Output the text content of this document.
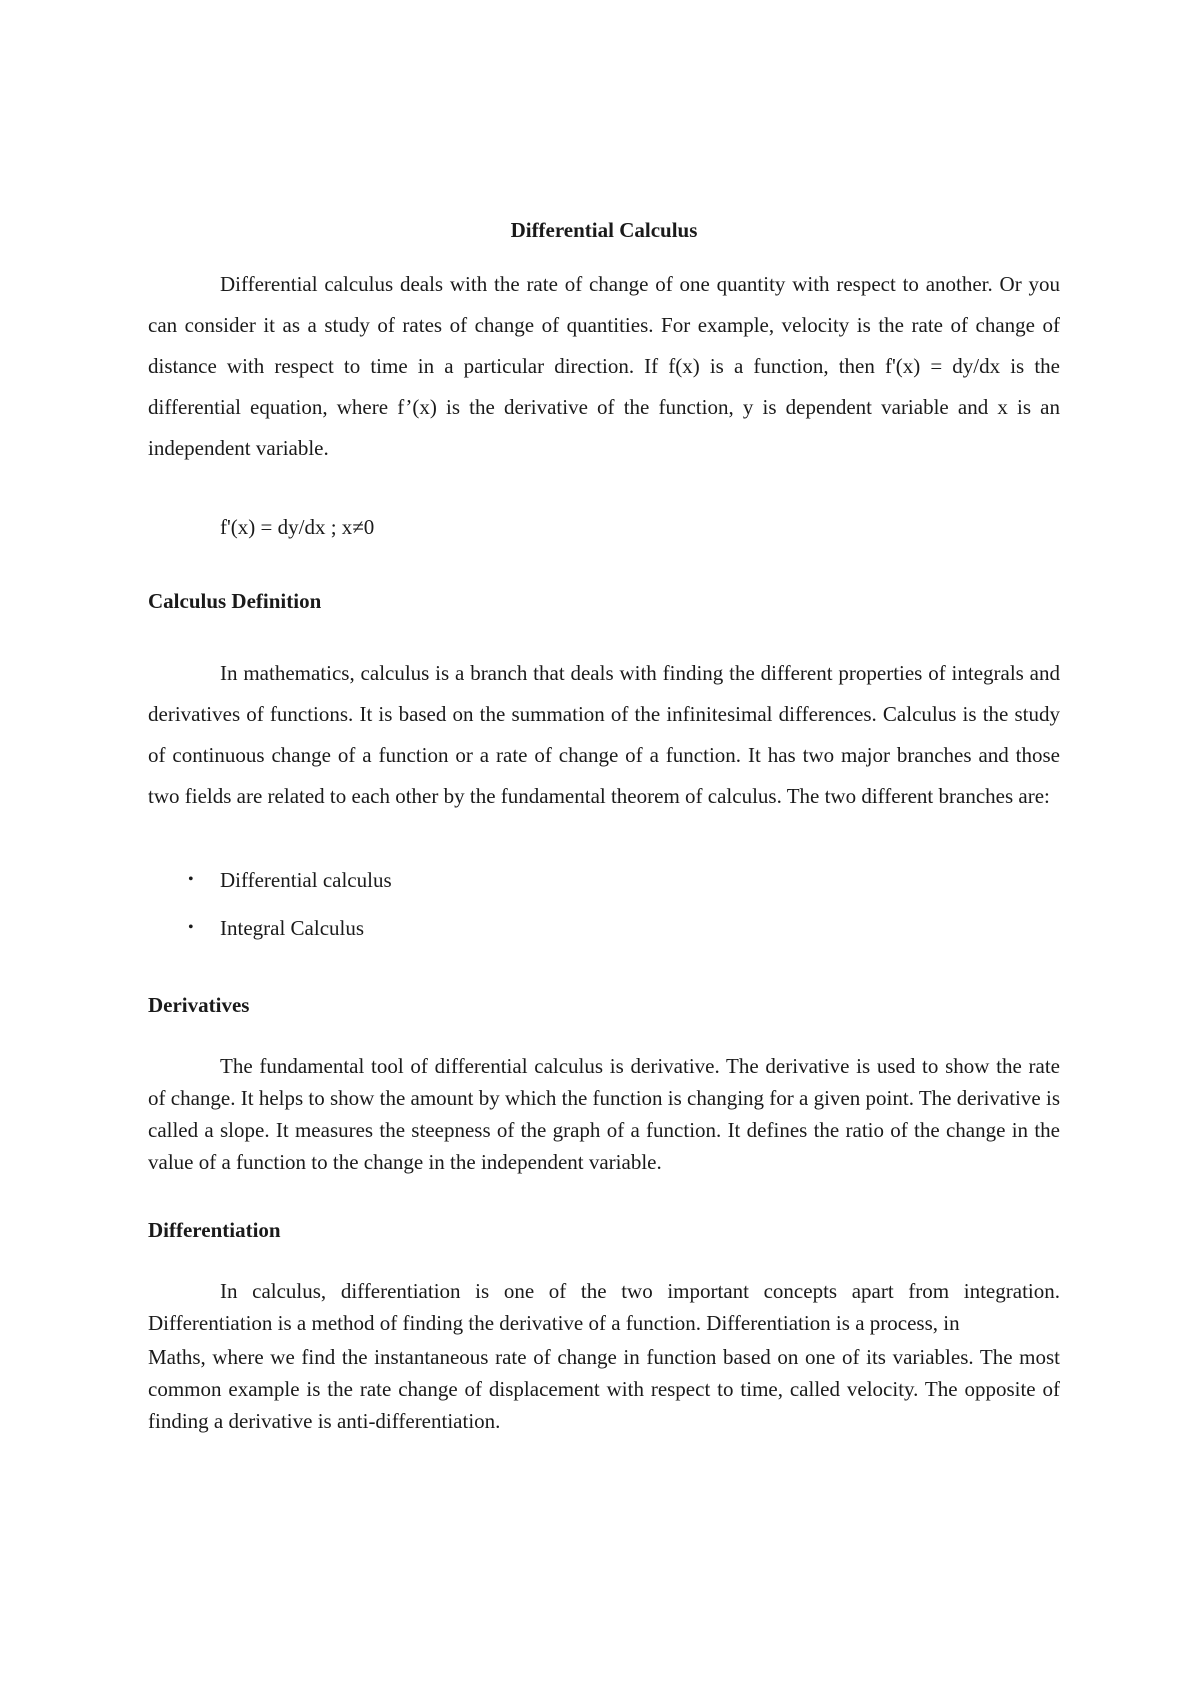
Differential Calculus

Differential calculus deals with the rate of change of one quantity with respect to another. Or you can consider it as a study of rates of change of quantities. For example, velocity is the rate of change of distance with respect to time in a particular direction. If f(x) is a function, then f'(x) = dy/dx is the differential equation, where f’(x) is the derivative of the function, y is dependent variable and x is an independent variable.

f'(x) = dy/dx ; x≠0

Calculus Definition

In mathematics, calculus is a branch that deals with finding the different properties of integrals and derivatives of functions. It is based on the summation of the infinitesimal differences. Calculus is the study of continuous change of a function or a rate of change of a function. It has two major branches and those two fields are related to each other by the fundamental theorem of calculus. The two different branches are:

• Differential calculus
• Integral Calculus
Derivatives

The fundamental tool of differential calculus is derivative. The derivative is used to show the rate of change. It helps to show the amount by which the function is changing for a given point. The derivative is called a slope. It measures the steepness of the graph of a function. It defines the ratio of the change in the value of a function to the change in the independent variable.

Differentiation

In calculus, differentiation is one of the two important concepts apart from integration. Differentiation is a method of finding the derivative of a function. Differentiation is a process, in

Maths, where we find the instantaneous rate of change in function based on one of its variables. The most common example is the rate change of displacement with respect to time, called velocity. The opposite of finding a derivative is anti-differentiation.
